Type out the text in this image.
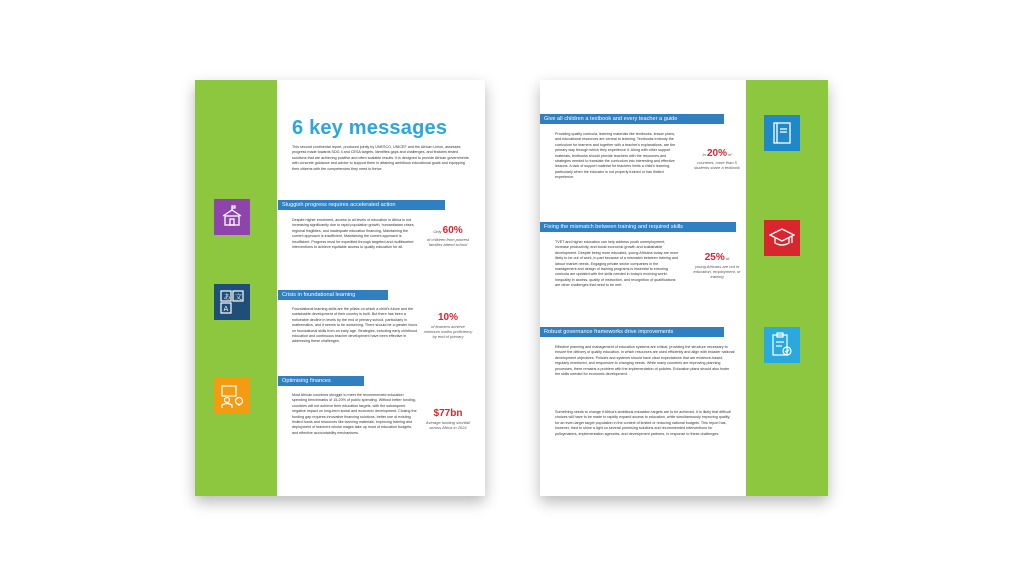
あ 文
A
6 key messages
This second continental report, produced jointly by UNESCO, UNICEF and the African Union, assesses progress made towards SDG 4 and CESA targets, identifies gaps and challenges, and features tested solutions that are achieving positive and often scalable results. It is designed to provide African governments with concrete guidance and advice to support them in attaining ambitious educational goals and equipping their citizens with the competencies they need to thrive.
Sluggish progress requires accelerated action
Despite higher enrolment, access to all levels of education in Africa is not increasing significantly due to rapid population growth, humanitarian crises, regional fragilities, and inadequate education financing. Maintaining the current approach is insufficient. Maintaining the current approach is insufficient. Progress must be expedited through targeted and multifaceted interventions to achieve equitable access to quality education for all.
Only 60%
of children from poorest families attend school
Crisis in foundational learning
Foundational learning skills are the pillars on which a child's future and the sustainable development of their country is built. But there has been a noticeable decline in levels by the end of primary school, particularly in mathematics, and it seems to be worsening. There should be a greater focus on foundational skills from an early age. Strategies, including early childhood education and continuous teacher development have been effective in addressing these challenges.
10%
of learners achieve minimum maths proficiency by end of primary
Optimising finances
Most African countries struggle to meet the recommended education spending benchmarks of 15-20% of public spending. Without better funding, countries will not achieve their education targets, with the subsequent negative impact on long-term social and economic development. Closing the funding gap requires innovative financing solutions, better use of existing limited funds and resources like learning materials, improving training and deployment of teachers whose wages take up most of education budgets, and effective accountability mechanisms.
$77bn
Average funding shortfall across Africa in 2024
Give all children a textbook and every teacher a guide
Providing quality curricula, learning materials like textbooks, lesson plans, and educational resources are central to learning. Textbooks embody the curriculum for learners and together with a teacher's explanations, are the primary way through which they experience it. Along with other support materials, textbooks should provide teachers with the resources and strategies needed to translate the curriculum into interesting and effective lessons. A lack of support material for teachers limits a child's learning, particularly when the educator is not properly trained or has limited experience.
In 20% of
countries, more than 5 students share a textbook
Fixing the mismatch between training and required skills
TVET and higher education can help address youth unemployment, increase productivity, and boost economic growth and sustainable development. Despite being more educated, young Africans today are more likely to be out of work, in part because of a mismatch between training and labour market needs. Engaging private sector companies in the management and design of training programs is essential to ensuring curricula are updated with the skills needed in today's evolving world. Inequality in access, quality of instruction, and recognition of qualifications are other challenges that need to be met.
25% of
young Africans are not in education, employment, or training
Robust governance frameworks drive improvements
Effective planning and management of education systems are critical, providing the structure necessary to ensure the delivery of quality education, in which resources are used efficiently and align with broader national development objectives. Policies and systems should have clear expectations that are evidence-based, regularly monitored, and responsive to changing needs. While many countries are improving planning processes, there remains a problem with the implementation of policies. Education plans should also foster the skills needed for economic development.
Something needs to change if Africa's ambitious education targets are to be achieved. It is likely that difficult choices will have to be made to rapidly expand access to education, while simultaneously improving quality, for an even-larger target population in the context of limited or reducing national budgets. This report has, however, tried to shine a light on several promising solutions and recommended interventions for policymakers, implementation agencies, and development partners, in response to these challenges.
